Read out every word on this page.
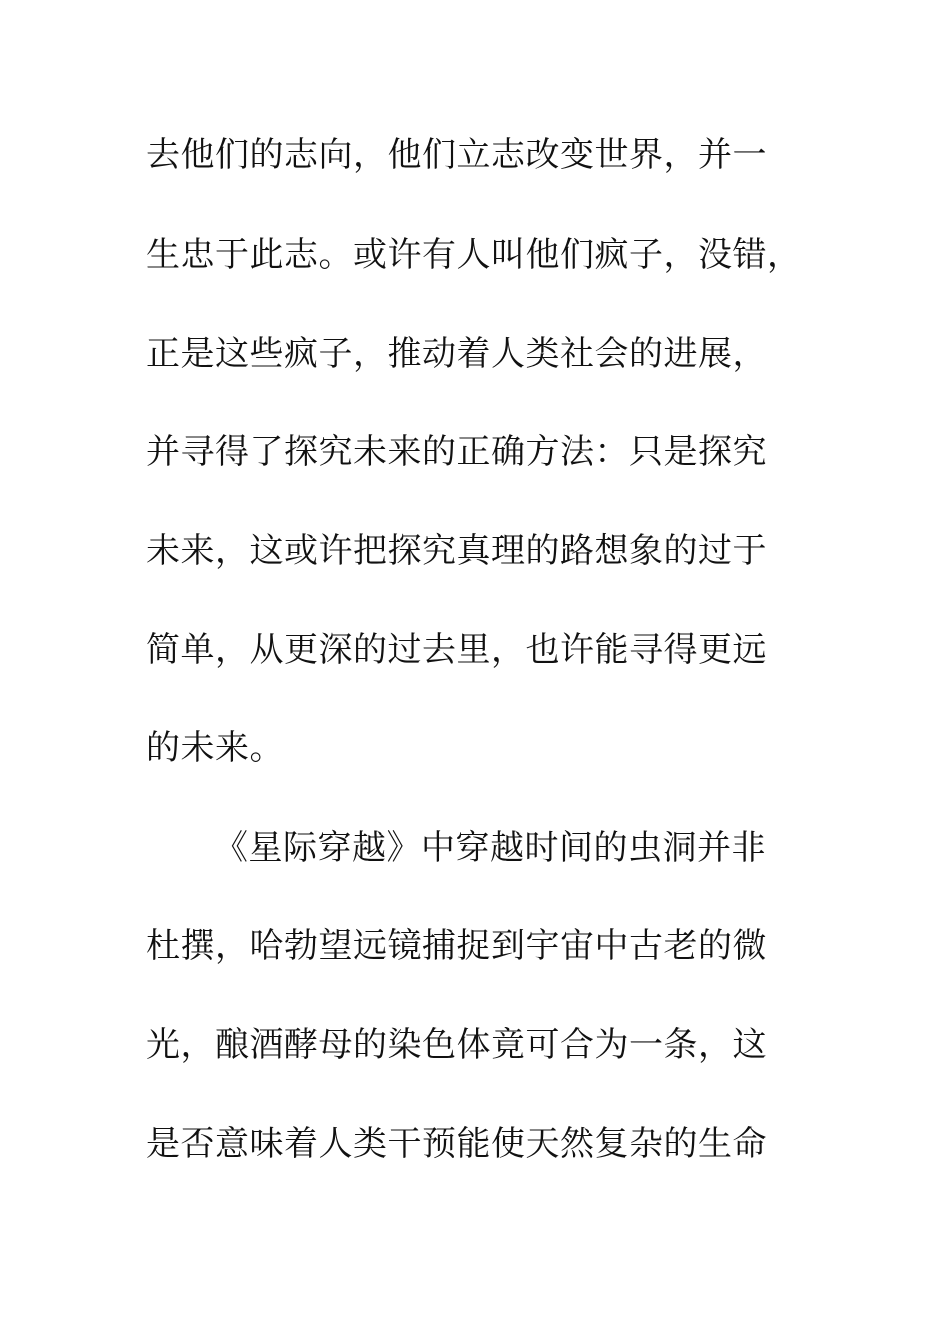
去他们的志向，他们立志改变世界，并一
生忠于此志。或许有人叫他们疯子，没错，
正是这些疯子，推动着人类社会的进展，
并寻得了探究未来的正确方法：只是探究
未来，这或许把探究真理的路想象的过于
简单，从更深的过去里，也许能寻得更远
的未来。
《星际穿越》中穿越时间的虫洞并非
杜撰，哈勃望远镜捕捉到宇宙中古老的微
光，酿酒酵母的染色体竟可合为一条，这
是否意味着人类干预能使天然复杂的生命
